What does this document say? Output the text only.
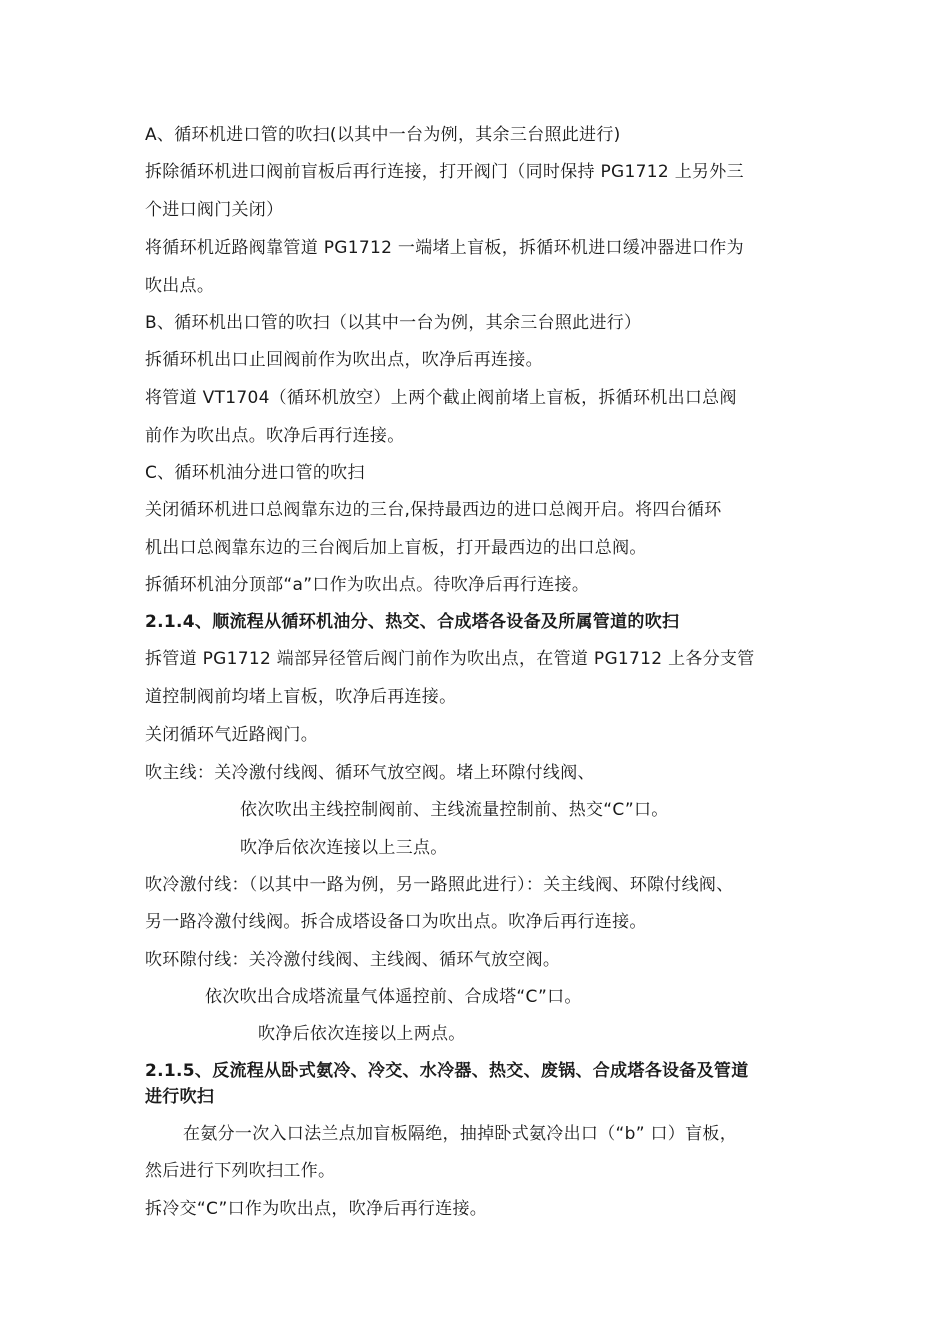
A、循环机进口管的吹扫(以其中一台为例，其余三台照此进行)
拆除循环机进口阀前盲板后再行连接，打开阀门（同时保持 PG1712 上另外三
个进口阀门关闭）
将循环机近路阀靠管道 PG1712 一端堵上盲板，拆循环机进口缓冲器进口作为
吹出点。
B、循环机出口管的吹扫（以其中一台为例，其余三台照此进行）
拆循环机出口止回阀前作为吹出点，吹净后再连接。
将管道 VT1704（循环机放空）上两个截止阀前堵上盲板，拆循环机出口总阀
前作为吹出点。吹净后再行连接。
C、循环机油分进口管的吹扫
关闭循环机进口总阀靠东边的三台,保持最西边的进口总阀开启。将四台循环
机出口总阀靠东边的三台阀后加上盲板，打开最西边的出口总阀。
拆循环机油分顶部“a”口作为吹出点。待吹净后再行连接。
2.1.4、顺流程从循环机油分、热交、合成塔各设备及所属管道的吹扫
拆管道 PG1712 端部异径管后阀门前作为吹出点，在管道 PG1712 上各分支管
道控制阀前均堵上盲板，吹净后再连接。
关闭循环气近路阀门。
吹主线：关冷激付线阀、循环气放空阀。堵上环隙付线阀、
依次吹出主线控制阀前、主线流量控制前、热交“C”口。
吹净后依次连接以上三点。
吹冷激付线：（以其中一路为例，另一路照此进行）：关主线阀、环隙付线阀、
另一路冷激付线阀。拆合成塔设备口为吹出点。吹净后再行连接。
吹环隙付线：关冷激付线阀、主线阀、循环气放空阀。
依次吹出合成塔流量气体遥控前、合成塔“C”口。
吹净后依次连接以上两点。
2.1.5、反流程从卧式氨冷、冷交、水冷器、热交、废锅、合成塔各设备及管道
进行吹扫
在氨分一次入口法兰点加盲板隔绝，抽掉卧式氨冷出口（“b” 口）盲板，
然后进行下列吹扫工作。
拆冷交“C”口作为吹出点，吹净后再行连接。
